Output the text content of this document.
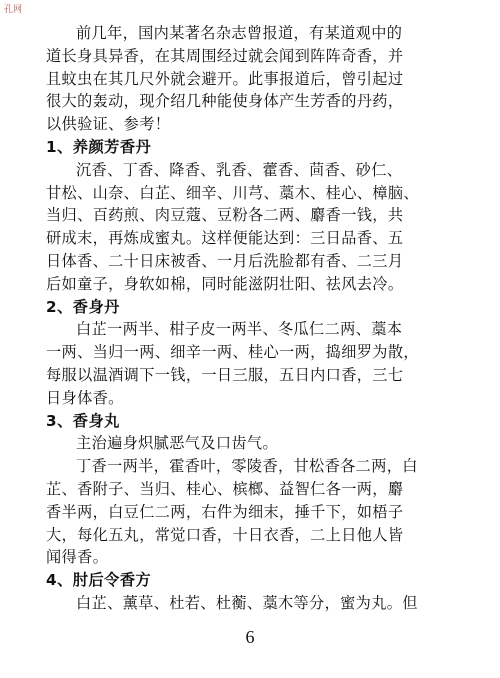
孔网
前几年，国内某著名杂志曾报道，有某道观中的
道长身具异香，在其周围经过就会闻到阵阵奇香，并
且蚊虫在其几尺外就会避开。此事报道后，曾引起过
很大的轰动，现介绍几种能使身体产生芳香的丹药，
以供验证、参考！
1、养颜芳香丹
沉香、丁香、降香、乳香、藿香、茴香、砂仁、
甘松、山奈、白芷、细辛、川芎、藁木、桂心、樟脑、
当归、百药煎、肉豆蔻、豆粉各二两、麝香一钱，共
研成末，再炼成蜜丸。这样便能达到：三日品香、五
日体香、二十日床被香、一月后洗脸都有香、二三月
后如童子，身软如棉，同时能滋阴壮阳、祛风去冷。
2、香身丹
白芷一两半、柑子皮一两半、冬瓜仁二两、藁本
一两、当归一两、细辛一两、桂心一两，捣细罗为散，
每服以温酒调下一钱，一日三服，五日内口香，三七
日身体香。
3、香身丸
主治遍身炽腻恶气及口齿气。
丁香一两半，霍香叶，零陵香，甘松香各二两，白
芷、香附子、当归、桂心、槟榔、益智仁各一两，麝
香半两，白豆仁二两，右件为细末，捶千下，如梧子
大，每化五丸，常觉口香，十日衣香，二上日他人皆
闻得香。
4、肘后令香方
白芷、薰草、杜若、杜蘅、藁木等分，蜜为丸。但
6
